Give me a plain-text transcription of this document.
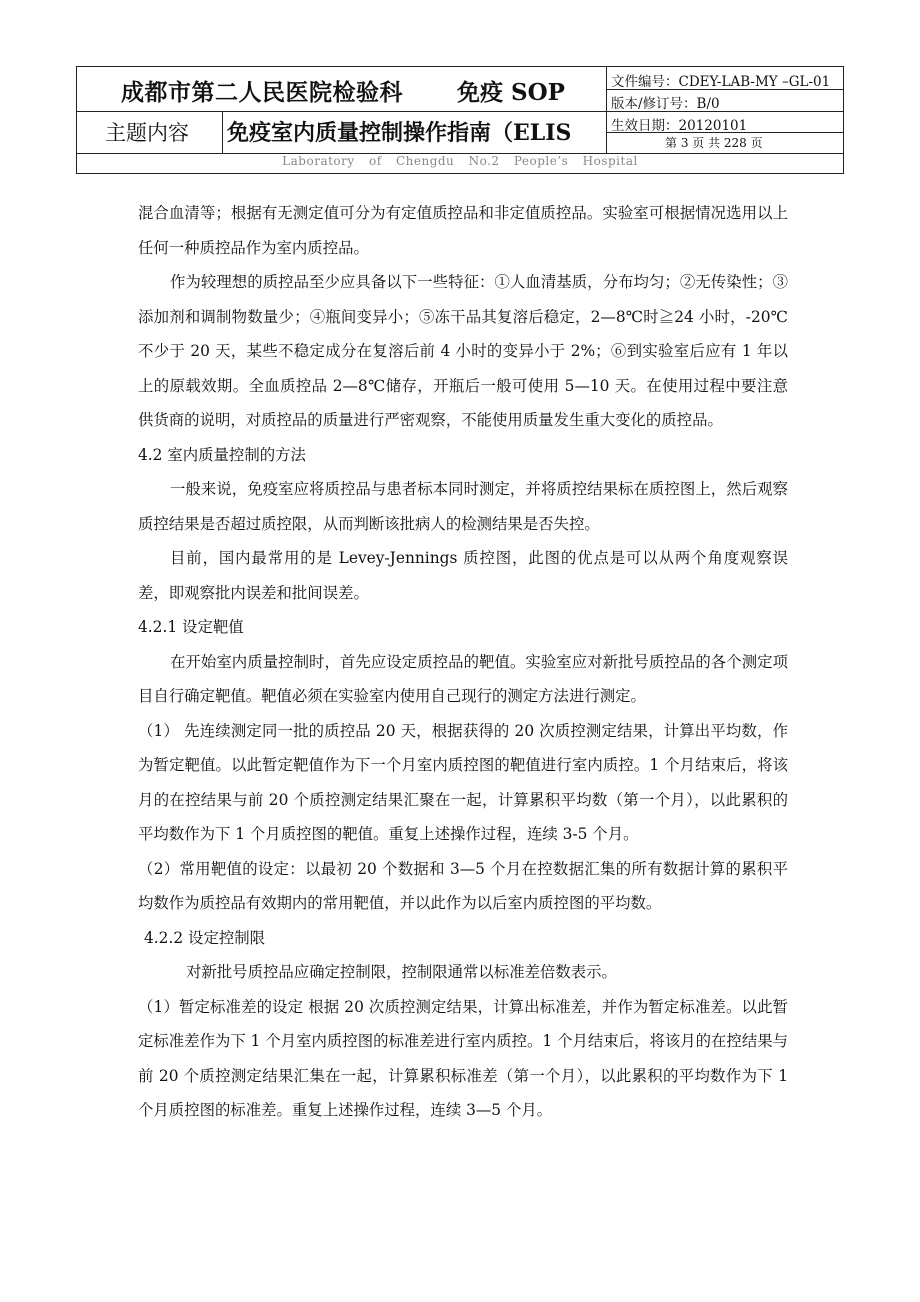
成都市第二人民医院检验科 免疫 SOP
主题内容 免疫室内质量控制操作指南（ELIS
文件编号：CDEY-LAB-MY –GL-01
版本/修订号：B/0
生效日期：20120101
第 3 页 共 228 页
Laboratory of Chengdu No.2 People’s Hospital

混合血清等；根据有无测定值可分为有定值质控品和非定值质控品。实验室可根据情况选用以上任何一种质控品作为室内质控品。

作为较理想的质控品至少应具备以下一些特征：①人血清基质，分布均匀；②无传染性；③添加剂和调制物数量少；④瓶间变异小；⑤冻干品其复溶后稳定，2—8℃时≧24 小时，-20℃不少于 20 天，某些不稳定成分在复溶后前 4 小时的变异小于 2%；⑥到实验室后应有 1 年以上的原载效期。全血质控品 2—8℃储存，开瓶后一般可使用 5—10 天。在使用过程中要注意供货商的说明，对质控品的质量进行严密观察，不能使用质量发生重大变化的质控品。

4.2 室内质量控制的方法

一般来说，免疫室应将质控品与患者标本同时测定，并将质控结果标在质控图上，然后观察质控结果是否超过质控限，从而判断该批病人的检测结果是否失控。

目前，国内最常用的是 Levey-Jennings 质控图，此图的优点是可以从两个角度观察误差，即观察批内误差和批间误差。

4.2.1 设定靶值

在开始室内质量控制时，首先应设定质控品的靶值。实验室应对新批号质控品的各个测定项目自行确定靶值。靶值必须在实验室内使用自己现行的测定方法进行测定。

（1） 先连续测定同一批的质控品 20 天，根据获得的 20 次质控测定结果，计算出平均数，作为暂定靶值。以此暂定靶值作为下一个月室内质控图的靶值进行室内质控。1 个月结束后，将该月的在控结果与前 20 个质控测定结果汇聚在一起，计算累积平均数（第一个月），以此累积的平均数作为下 1 个月质控图的靶值。重复上述操作过程，连续 3-5 个月。

（2）常用靶值的设定：以最初 20 个数据和 3—5 个月在控数据汇集的所有数据计算的累积平均数作为质控品有效期内的常用靶值，并以此作为以后室内质控图的平均数。

4.2.2 设定控制限

对新批号质控品应确定控制限，控制限通常以标准差倍数表示。

（1）暂定标准差的设定 根据 20 次质控测定结果，计算出标准差，并作为暂定标准差。以此暂定标准差作为下 1 个月室内质控图的标准差进行室内质控。1 个月结束后，将该月的在控结果与前 20 个质控测定结果汇集在一起，计算累积标准差（第一个月），以此累积的平均数作为下 1 个月质控图的标准差。重复上述操作过程，连续 3—5 个月。
